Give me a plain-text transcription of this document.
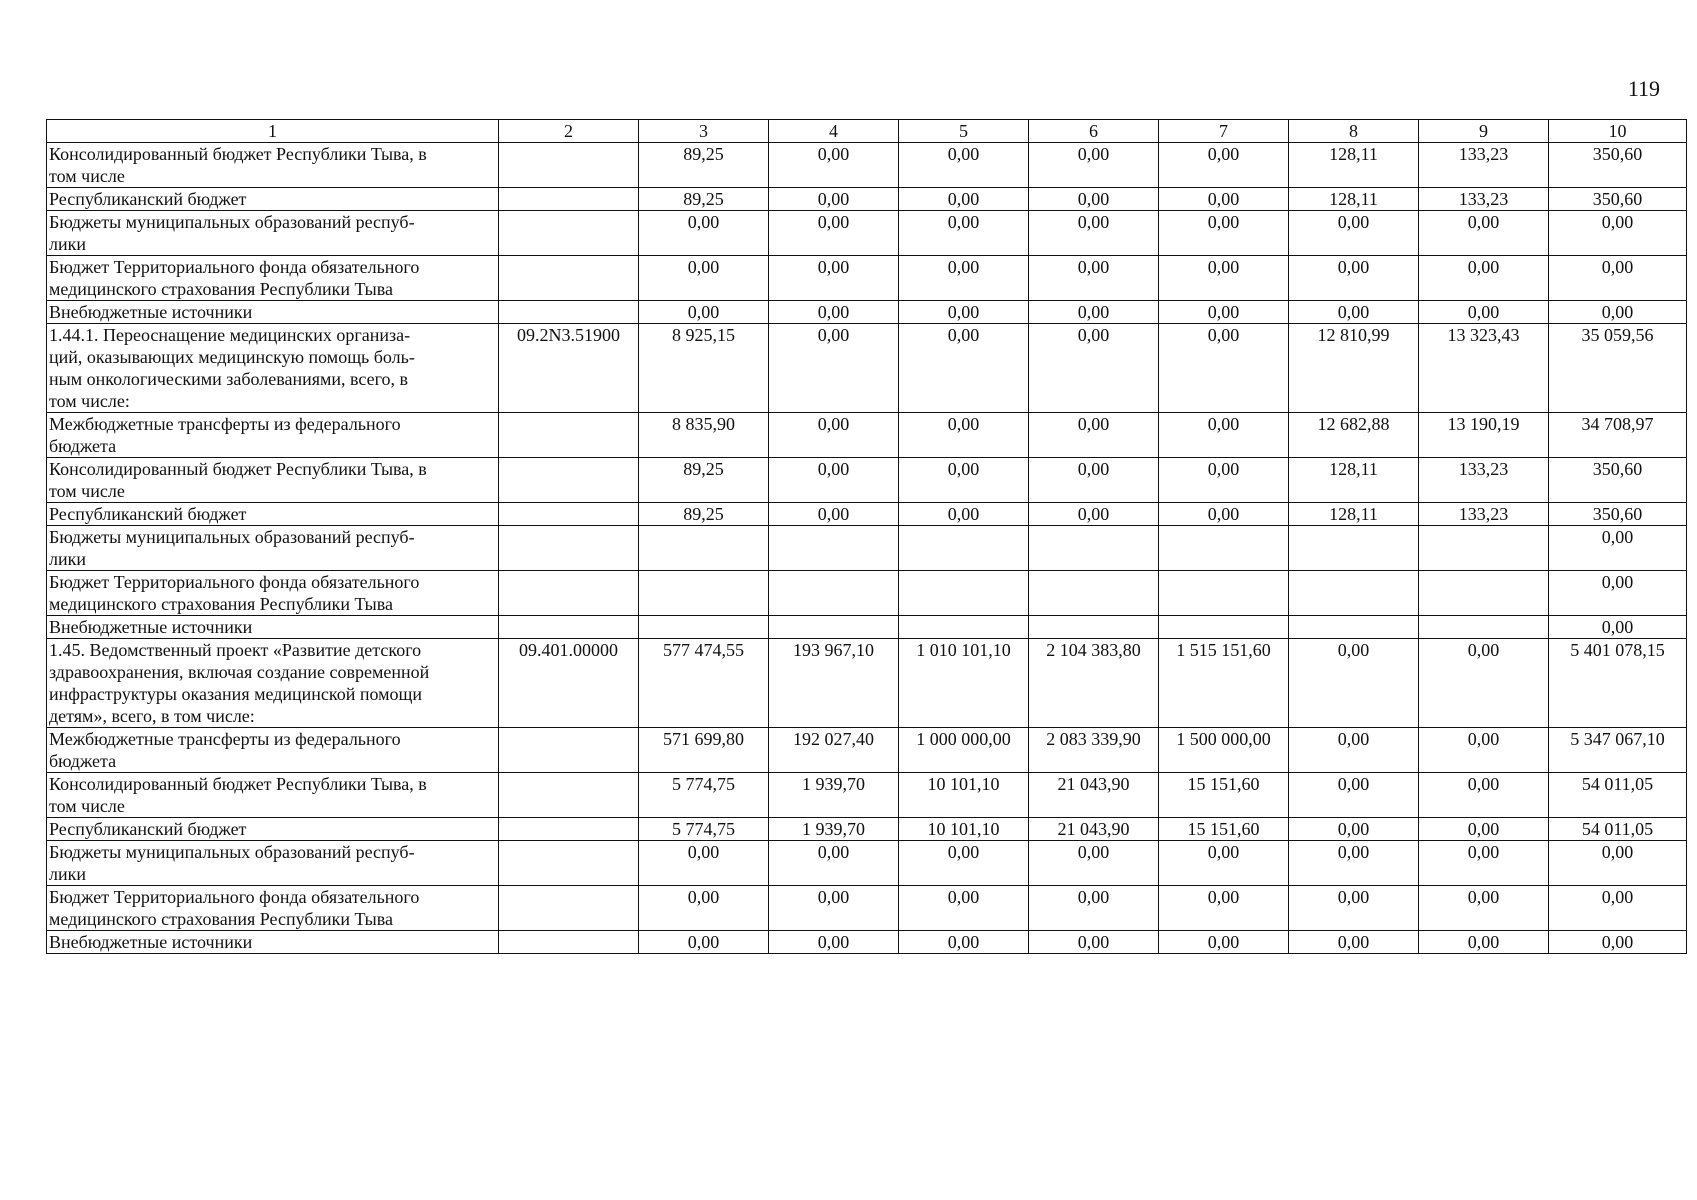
119
1	2	3	4	5	6	7	8	9	10
Консолидированный бюджет Республики Тыва, в
том числе		89,25	0,00	0,00	0,00	0,00	128,11	133,23	350,60
Республиканский бюджет		89,25	0,00	0,00	0,00	0,00	128,11	133,23	350,60
Бюджеты муниципальных образований респуб-
лики		0,00	0,00	0,00	0,00	0,00	0,00	0,00	0,00
Бюджет Территориального фонда обязательного
медицинского страхования Республики Тыва		0,00	0,00	0,00	0,00	0,00	0,00	0,00	0,00
Внебюджетные источники		0,00	0,00	0,00	0,00	0,00	0,00	0,00	0,00
1.44.1. Переоснащение медицинских организа-
ций, оказывающих медицинскую помощь боль-
ным онкологическими заболеваниями, всего, в
том числе:	09.2N3.51900	8 925,15	0,00	0,00	0,00	0,00	12 810,99	13 323,43	35 059,56
Межбюджетные трансферты из федерального
бюджета		8 835,90	0,00	0,00	0,00	0,00	12 682,88	13 190,19	34 708,97
Консолидированный бюджет Республики Тыва, в
том числе		89,25	0,00	0,00	0,00	0,00	128,11	133,23	350,60
Республиканский бюджет		89,25	0,00	0,00	0,00	0,00	128,11	133,23	350,60
Бюджеты муниципальных образований респуб-
лики									0,00
Бюджет Территориального фонда обязательного
медицинского страхования Республики Тыва									0,00
Внебюджетные источники									0,00
1.45. Ведомственный проект «Развитие детского
здравоохранения, включая создание современной
инфраструктуры оказания медицинской помощи
детям», всего, в том числе:	09.401.00000	577 474,55	193 967,10	1 010 101,10	2 104 383,80	1 515 151,60	0,00	0,00	5 401 078,15
Межбюджетные трансферты из федерального
бюджета		571 699,80	192 027,40	1 000 000,00	2 083 339,90	1 500 000,00	0,00	0,00	5 347 067,10
Консолидированный бюджет Республики Тыва, в
том числе		5 774,75	1 939,70	10 101,10	21 043,90	15 151,60	0,00	0,00	54 011,05
Республиканский бюджет		5 774,75	1 939,70	10 101,10	21 043,90	15 151,60	0,00	0,00	54 011,05
Бюджеты муниципальных образований респуб-
лики		0,00	0,00	0,00	0,00	0,00	0,00	0,00	0,00
Бюджет Территориального фонда обязательного
медицинского страхования Республики Тыва		0,00	0,00	0,00	0,00	0,00	0,00	0,00	0,00
Внебюджетные источники		0,00	0,00	0,00	0,00	0,00	0,00	0,00	0,00
